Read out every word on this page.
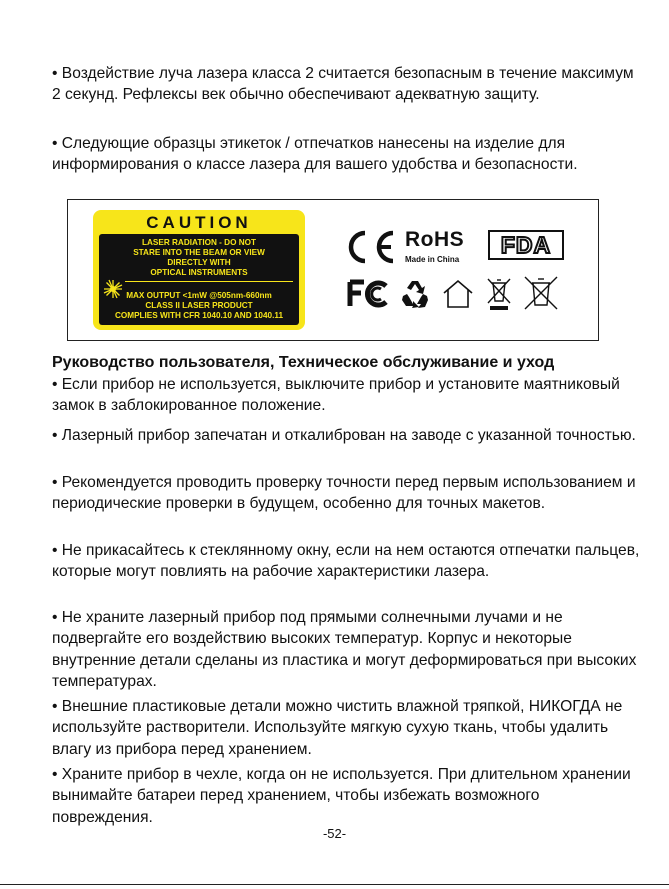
• Воздействие луча лазера класса 2 считается безопасным в течение максимум 2 секунд. Рефлексы век обычно обеспечивают адекватную защиту.

• Следующие образцы этикеток / отпечатков нанесены на изделие для информирования о классе лазера для вашего удобства и безопасности.

CAUTION
LASER RADIATION - DO NOT
STARE INTO THE BEAM OR VIEW
DIRECTLY WITH
OPTICAL INSTRUMENTS
MAX OUTPUT <1mW @505nm-660nm
CLASS II LASER PRODUCT
COMPLIES WITH CFR 1040.10 AND 1040.11
RoHS
Made in China
FDA
Руководство пользователя, Техническое обслуживание и уход

• Если прибор не используется, выключите прибор и установите маятниковый замок в заблокированное положение.

• Лазерный прибор запечатан и откалиброван на заводе с указанной точностью.

• Рекомендуется проводить проверку точности перед первым использованием и периодические проверки в будущем, особенно для точных макетов.

• Не прикасайтесь к стеклянному окну, если на нем остаются отпечатки пальцев, которые могут повлиять на рабочие характеристики лазера.

• Не храните лазерный прибор под прямыми солнечными лучами и не подвергайте его воздействию высоких температур. Корпус и некоторые внутренние детали сделаны из пластика и могут деформироваться при высоких температурах.

• Внешние пластиковые детали можно чистить влажной тряпкой, НИКОГДА не используйте растворители. Используйте мягкую сухую ткань, чтобы удалить влагу из прибора перед хранением.

• Храните прибор в чехле, когда он не используется. При длительном хранении вынимайте батареи перед хранением, чтобы избежать возможного повреждения.

-52-
